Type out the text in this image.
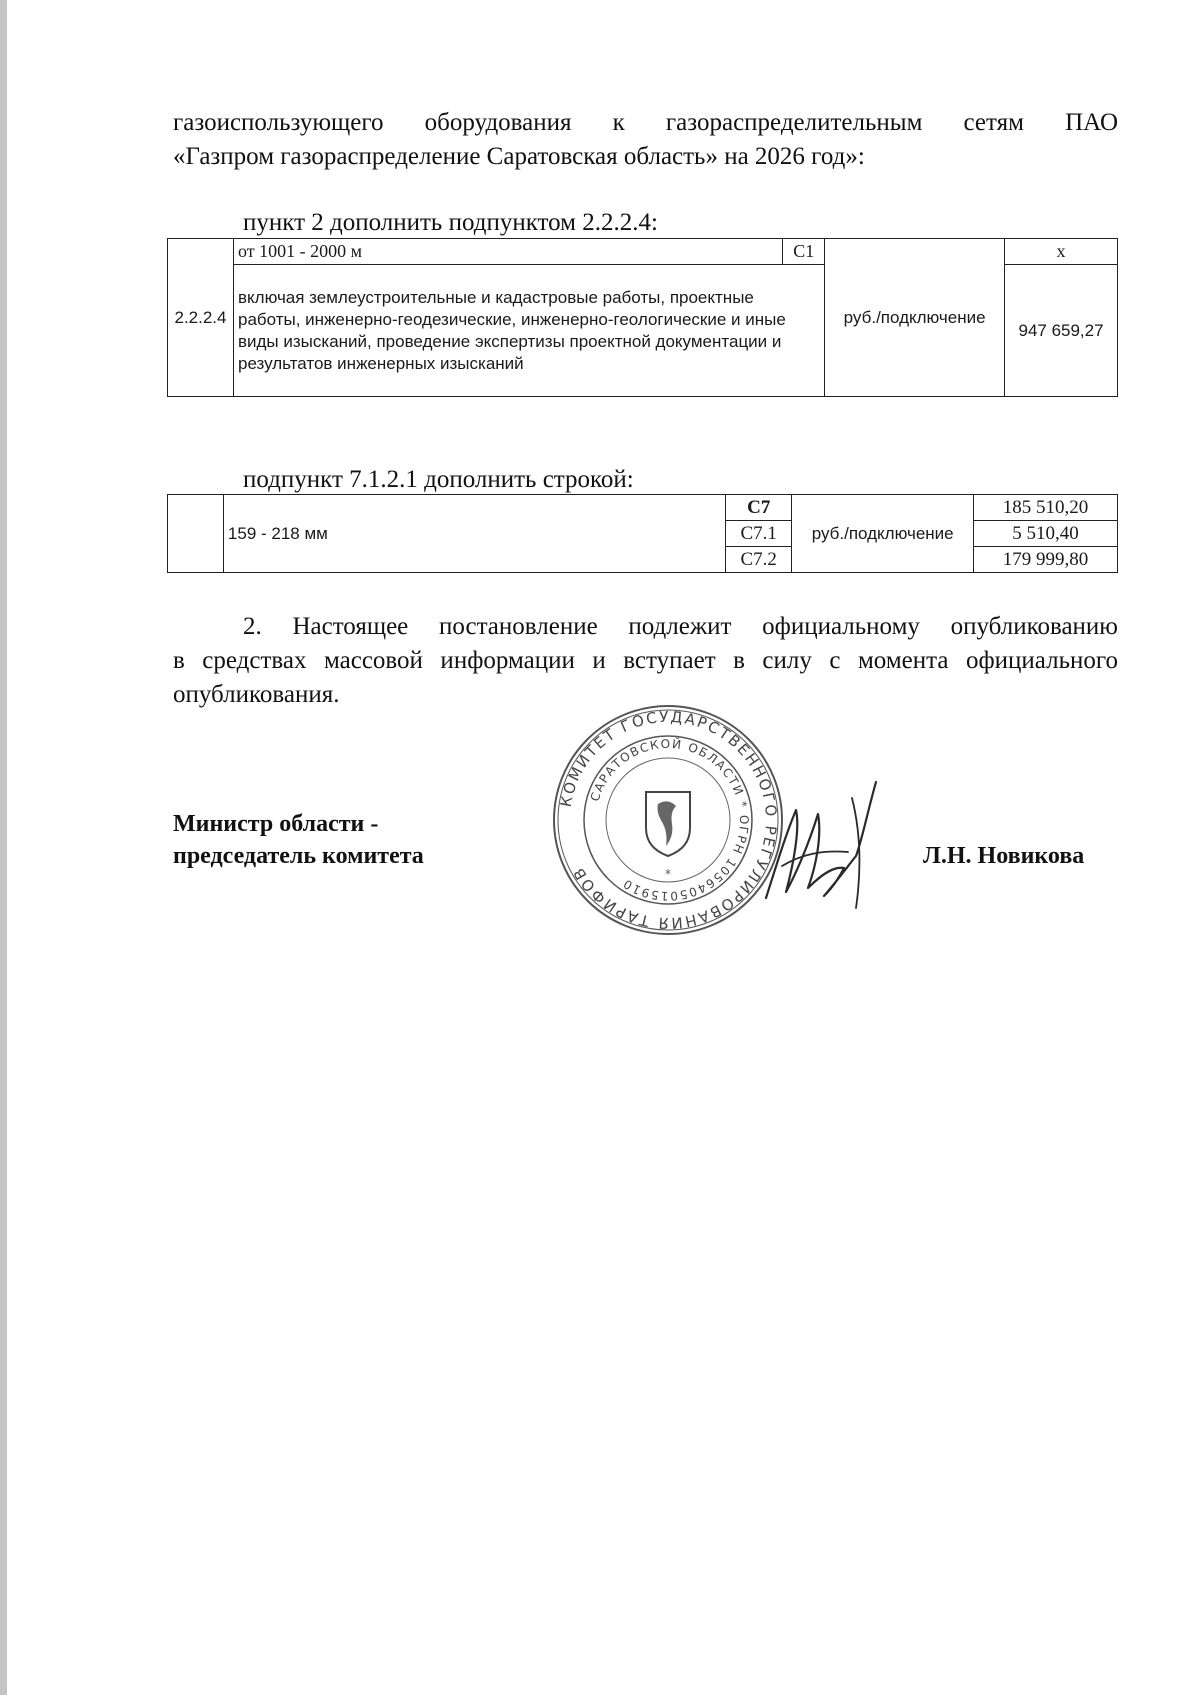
газоиспользующего оборудования к газораспределительным сетям ПАО
«Газпром газораспределение Саратовская область» на 2026 год»:
пункт 2 дополнить подпунктом 2.2.2.4:
2.2.2.4	от 1001 - 2000 м	С1	руб./подключение	х
	включая землеустроительные и кадастровые работы, проектные работы, инженерно-геодезические, инженерно-геологические и иные виды изысканий, проведение экспертизы проектной документации и результатов инженерных изысканий			947 659,27
подпункт 7.1.2.1 дополнить строкой:
	159 - 218 мм	С7	руб./подключение	185 510,20
		С7.1		5 510,40
		С7.2		179 999,80
2. Настоящее постановление подлежит официальному опубликованию
в средствах массовой информации и вступает в силу с момента официального
опубликования.
Министр области -
председатель комитета	Л.Н. Новикова
КОМИТЕТ ГОСУДАРСТВЕННОГО РЕГУЛИРОВАНИЯ ТАРИФОВ
САРАТОВСКОЙ ОБЛАСТИ * ОГРН 1056405015910
*
